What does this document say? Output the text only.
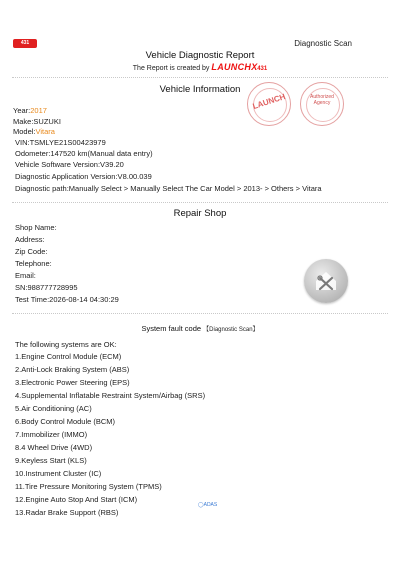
431	Diagnostic Scan
Vehicle Diagnostic Report
The Report is created by LAUNCHX431
Vehicle Information
LAUNCH	Authorized
Agency
Year:2017
Make:SUZUKI
Model:Vitara
VIN:TSMLYE21S00423979
Odometer:147520 km(Manual data entry)
Vehicle Software Version:V39.20
Diagnostic Application Version:V8.00.039
Diagnostic path:Manually Select > Manually Select The Car Model > 2013- > Others > Vitara
Repair Shop
Shop Name:
Address:
Zip Code:
Telephone:
Email:
SN:988777728995
Test Time:2026-08-14 04:30:29
System fault code 【Diagnostic Scan】
The following systems are OK:
1.Engine Control Module (ECM)
2.Anti-Lock Braking System (ABS)
3.Electronic Power Steering (EPS)
4.Supplemental Inflatable Restraint System/Airbag (SRS)
5.Air Conditioning (AC)
6.Body Control Module (BCM)
7.Immobilizer (IMMO)
8.4 Wheel Drive (4WD)
9.Keyless Start (KLS)
10.Instrument Cluster (IC)
11.Tire Pressure Monitoring System (TPMS)
12.Engine Auto Stop And Start (ICM)
13.Radar Brake Support (RBS)
◯ADAS
